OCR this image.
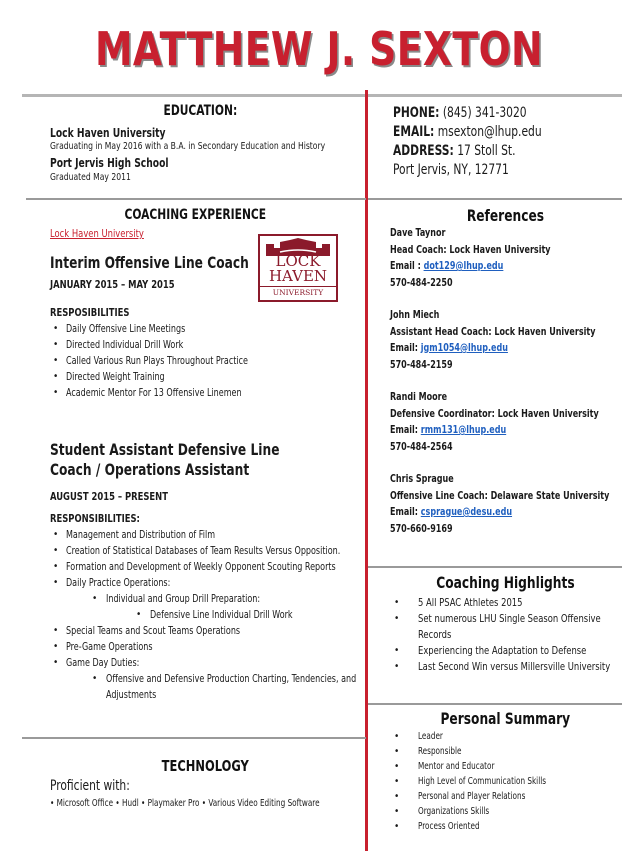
MATTHEW J. SEXTON
EDUCATION:
Lock Haven University
Graduating in May 2016 with a B.A. in Secondary Education and History
Port Jervis High School
Graduated May 2011
PHONE: (845) 341-3020
EMAIL: msexton@lhup.edu
ADDRESS: 17 Stoll St.
Port Jervis, NY, 12771
COACHING EXPERIENCE
Lock Haven University
Interim Offensive Line Coach
JANUARY 2015 – MAY 2015
RESPOSIBILITIES
• Daily Offensive Line Meetings
• Directed Individual Drill Work
• Called Various Run Plays Throughout Practice
• Directed Weight Training
• Academic Mentor For 13 Offensive Linemen
LOCK
HAVEN
UNIVERSITY
Student Assistant Defensive Line
Coach / Operations Assistant
AUGUST 2015 – PRESENT
RESPONSIBILITIES:
• Management and Distribution of Film
• Creation of Statistical Databases of Team Results Versus Opposition.
• Formation and Development of Weekly Opponent Scouting Reports
• Daily Practice Operations:
• Individual and Group Drill Preparation:
• Defensive Line Individual Drill Work
• Special Teams and Scout Teams Operations
• Pre-Game Operations
• Game Day Duties:
• Offensive and Defensive Production Charting, Tendencies, and
Adjustments
TECHNOLOGY
Proficient with:
• Microsoft Office • Hudl • Playmaker Pro • Various Video Editing Software
References

Dave Taynor

Head Coach: Lock Haven University

Email : dot129@lhup.edu

570-484-2250

John Miech

Assistant Head Coach: Lock Haven University

Email: jgm1054@lhup.edu

570-484-2159

Randi Moore

Defensive Coordinator: Lock Haven University

Email: rmm131@lhup.edu

570-484-2564

Chris Sprague

Offensive Line Coach: Delaware State University

Email: csprague@desu.edu

570-660-9169

Coaching Highlights
• 5 All PSAC Athletes 2015
• Set numerous LHU Single Season Offensive
Records
• Experiencing the Adaptation to Defense
• Last Second Win versus Millersville University
Personal Summary
• Leader
• Responsible
• Mentor and Educator
• High Level of Communication Skills
• Personal and Player Relations
• Organizations Skills
• Process Oriented
